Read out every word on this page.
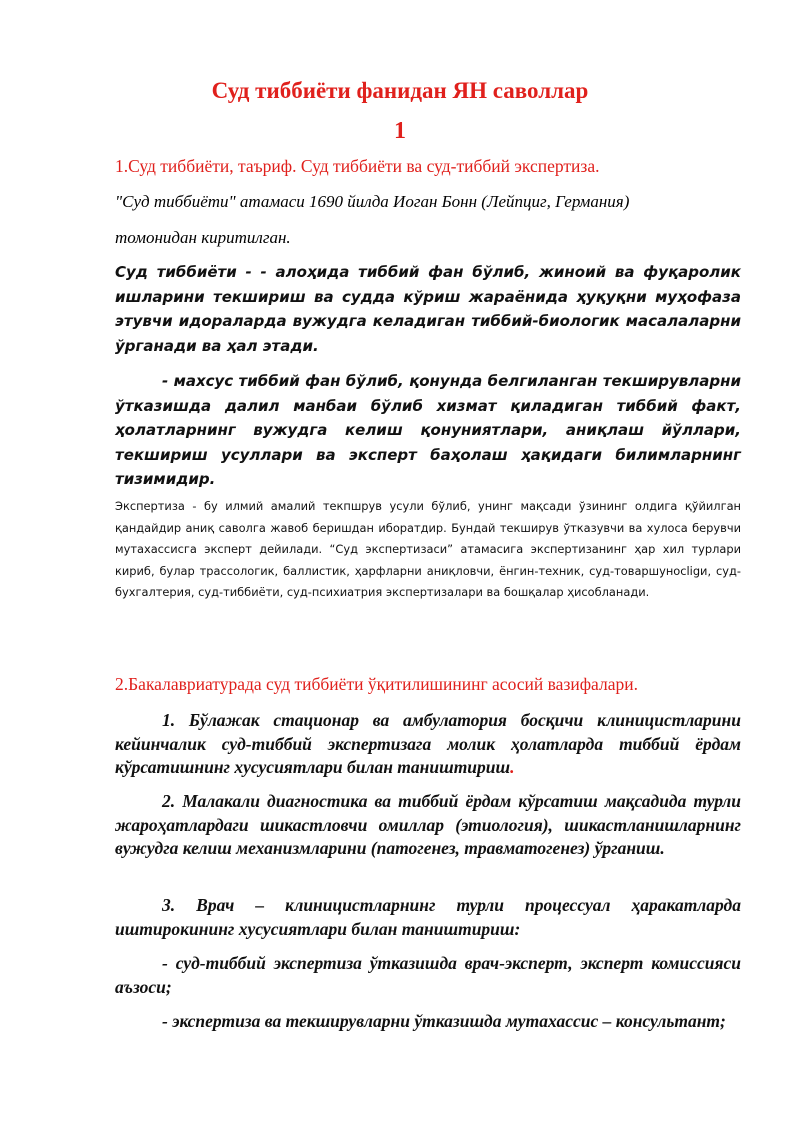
Суд тиббиёти фанидан ЯН саволлар
1
1.Суд тиббиёти, таъриф. Суд тиббиёти ва суд-тиббий экспертиза.
"Суд тиббиёти" атамаси 1690 йилда Иоган Бонн (Лейпциг, Германия)
томонидан киритилган.

Суд тиббиёти - - алоҳида тиббий фан бўлиб, жиноий ва фуқаролик ишларини текшириш ва судда кўриш жараёнида ҳуқуқни муҳофаза этувчи идораларда вужудга келадиган тиббий-биологик масалаларни ўрганади ва ҳал этади.

- махсус тиббий фан бўлиб, қонунда белгиланган текширувларни ўтказишда далил манбаи бўлиб хизмат қиладиган тиббий факт, ҳолатларнинг вужудга келиш қонуниятлари, аниқлаш йўллари, текшириш усуллари ва эксперт баҳолаш ҳақидаги билимларнинг тизимидир.

Экспертиза - бу илмий амалий текпшрув усули бўлиб, унинг мақсади ўзининг олдига қўйилган қандайдир аниқ саволга жавоб беришдан иборатдир. Бундай текширув ўтказувчи ва хулоса берувчи мутахассисга эксперт дейилади. “Суд экспертизаси” атамасига экспертизанинг ҳар хил турлари кириб, булар трассологик, баллистик, ҳарфларни аниқловчи, ёнгин-техник, суд-товаршуносligи, суд-бухгалтерия, суд-тиббиёти, суд-психиатрия экспертизалари ва бошқалар ҳисобланади.

2.Бакалавриатурада суд тиббиёти ўқитилишининг асосий вазифалари.

1. Бўлажак стационар ва амбулатория босқичи клиницистларини кейинчалик суд-тиббий экспертизага молик ҳолатларда тиббий ёрдам кўрсатишнинг хусусиятлари билан таништириш.

2. Малакали диагностика ва тиббий ёрдам кўрсатиш мақсадида турли жароҳатлардаги шикастловчи омиллар (этиология), шикастланишларнинг вужудга келиш механизмларини (патогенез, травматогенез) ўрганиш.

3. Врач – клиницистларнинг турли процессуал ҳаракатларда иштирокининг хусусиятлари билан таништириш:

- суд-тиббий экспертиза ўтказишда врач-эксперт, эксперт комиссияси аъзоси;

- экспертиза ва текширувларни ўтказишда мутахассис – консультант;
